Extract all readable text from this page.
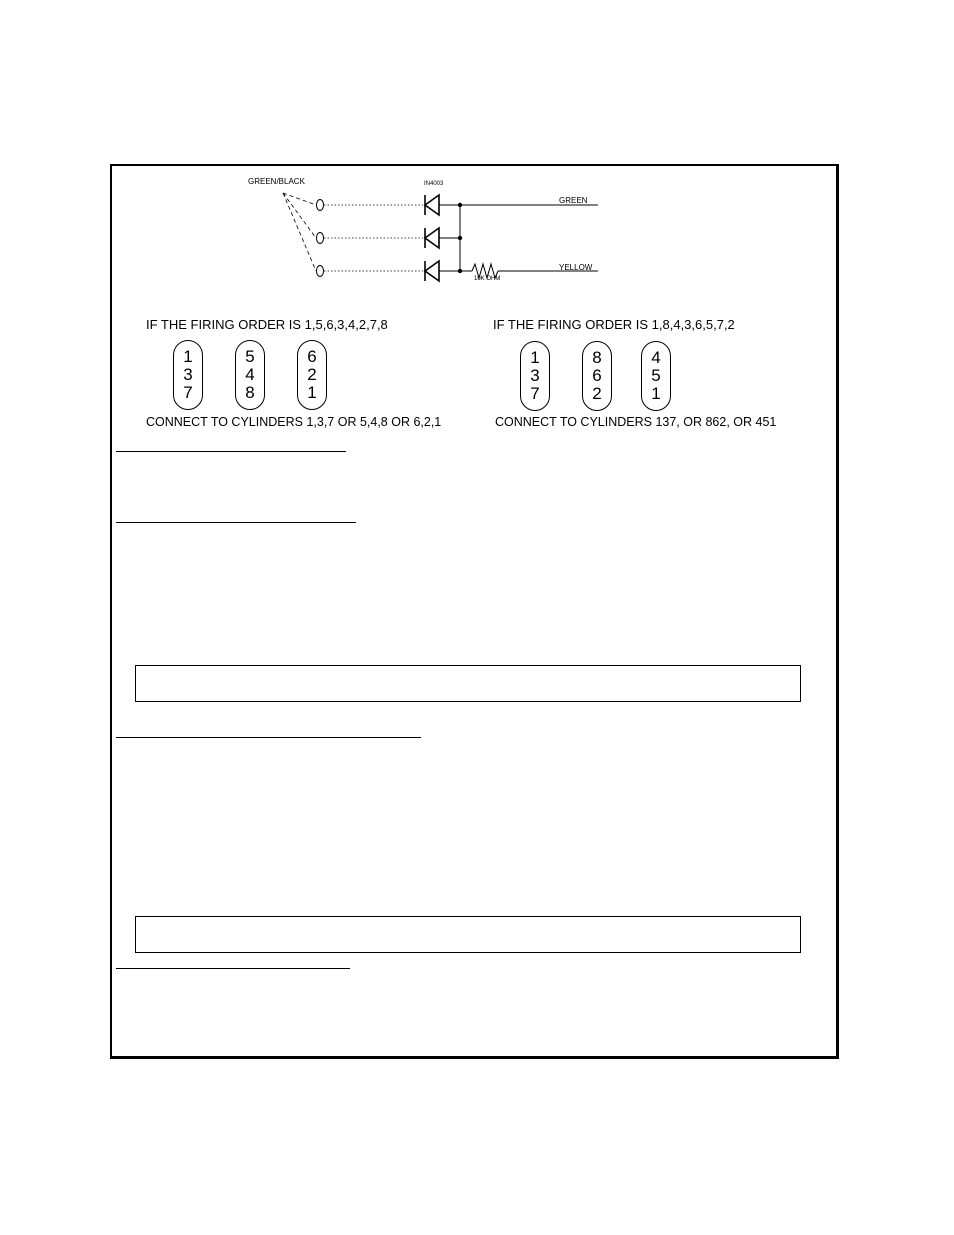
GREEN/BLACK	IN4003
GREEN
YELLOW
10K OHM
IF THE FIRING ORDER IS 1,5,6,3,4,2,7,8
1
3
7
5
4
8
6
2
1
CONNECT TO CYLINDERS 1,3,7 OR 5,4,8 OR 6,2,1
IF THE FIRING ORDER IS 1,8,4,3,6,5,7,2
1
3
7
8
6
2
4
5
1
CONNECT TO CYLINDERS 137, OR 862, OR 451
